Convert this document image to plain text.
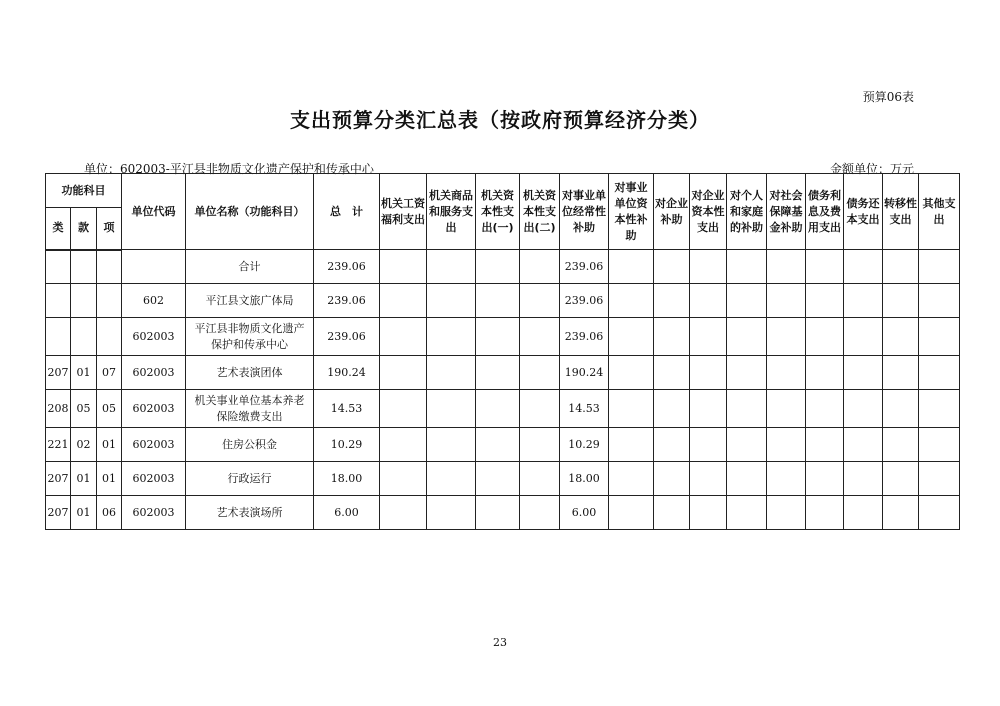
预算06表
支出预算分类汇总表（按政府预算经济分类）
单位：602003-平江县非物质文化遗产保护和传承中心	金额单位：万元
功能科目			单位代码	单位名称（功能科目）	总　计	机关工资福利支出	机关商品和服务支出	机关资本性支出(一)	机关资本性支出(二)	对事业单位经常性补助	对事业单位资本性补助	对企业补助	对企业资本性支出	对个人和家庭的补助	对社会保障基金补助	债务利息及费用支出	债务还本支出	转移性支出	其他支出
类	款	项																	
				合计	239.06					239.06									
			602	平江县文旅广体局	239.06					239.06									
			602003	平江县非物质文化遗产保护和传承中心	239.06					239.06									
207	01	07	602003	艺术表演团体	190.24					190.24									
208	05	05	602003	机关事业单位基本养老保险缴费支出	14.53					14.53									
221	02	01	602003	住房公积金	10.29					10.29									
207	01	01	602003	行政运行	18.00					18.00									
207	01	06	602003	艺术表演场所	6.00					6.00									
23
